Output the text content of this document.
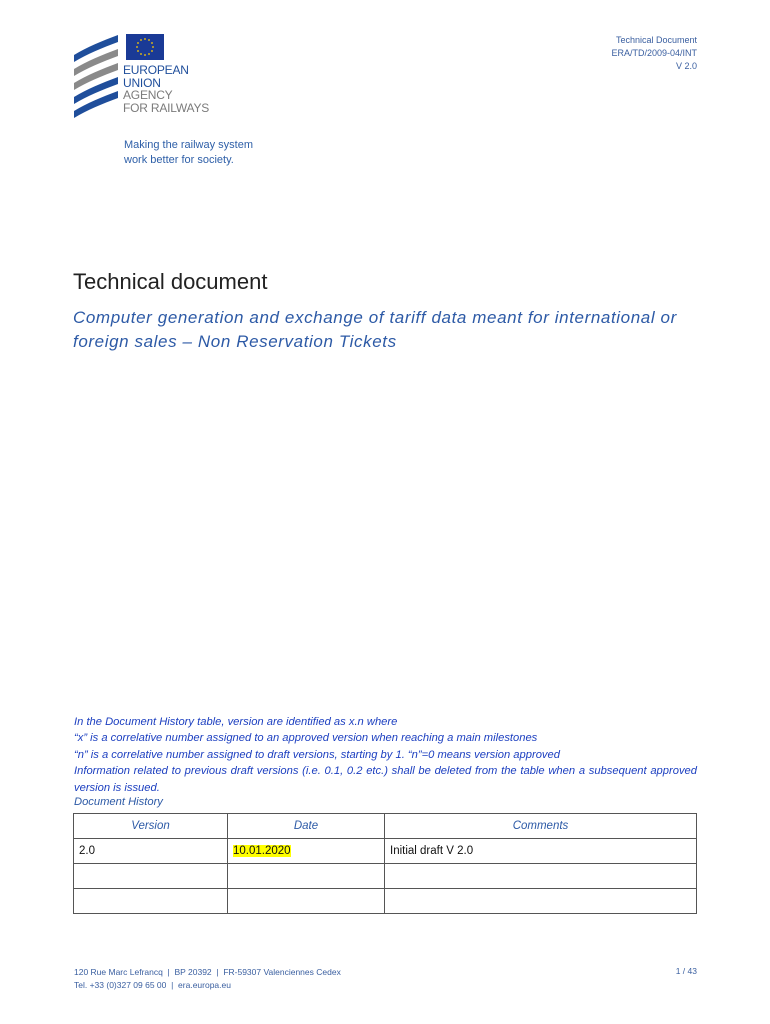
EUROPEAN
UNION
AGENCY
FOR RAILWAYS
Making the railway system
work better for society.
Technical Document
ERA/TD/2009-04/INT
V 2.0
Technical document
Computer generation and exchange of tariff data meant for international or foreign sales – Non Reservation Tickets

In the Document History table, version are identified as x.n where

“x” is a correlative number assigned to an approved version when reaching a main milestones

“n” is a correlative number assigned to draft versions, starting by 1. “n”=0 means version approved

Information related to previous draft versions (i.e. 0.1, 0.2 etc.) shall be deleted from the table when a subsequent approved version is issued.

Document History
Version	Date	Comments
2.0	10.01.2020	Initial draft V 2.0

120 Rue Marc Lefrancq  |  BP 20392  |  FR-59307 Valenciennes Cedex
Tel. +33 (0)327 09 65 00  |  era.europa.eu
1 / 43
